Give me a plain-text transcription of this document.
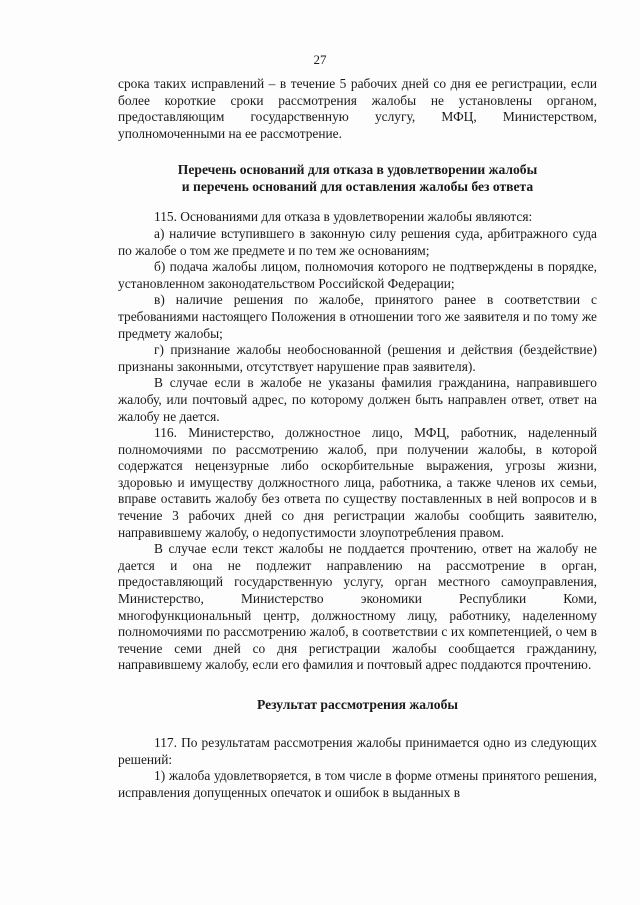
27

срока таких исправлений – в течение 5 рабочих дней со дня ее регистрации, если более короткие сроки рассмотрения жалобы не установлены органом, предоставляющим государственную услугу, МФЦ, Министерством, уполномоченными на ее рассмотрение.

Перечень оснований для отказа в удовлетворении жалобы

и перечень оснований для оставления жалобы без ответа

115. Основаниями для отказа в удовлетворении жалобы являются:

а) наличие вступившего в законную силу решения суда, арбитражного суда по жалобе о том же предмете и по тем же основаниям;

б) подача жалобы лицом, полномочия которого не подтверждены в порядке, установленном законодательством Российской Федерации;

в) наличие решения по жалобе, принятого ранее в соответствии с требованиями настоящего Положения в отношении того же заявителя и по тому же предмету жалобы;

г) признание жалобы необоснованной (решения и действия (бездействие) признаны законными, отсутствует нарушение прав заявителя).

В случае если в жалобе не указаны фамилия гражданина, направившего жалобу, или почтовый адрес, по которому должен быть направлен ответ, ответ на жалобу не дается.

116. Министерство, должностное лицо, МФЦ, работник, наделенный полномочиями по рассмотрению жалоб, при получении жалобы, в которой содержатся нецензурные либо оскорбительные выражения, угрозы жизни, здоровью и имуществу должностного лица, работника, а также членов их семьи, вправе оставить жалобу без ответа по существу поставленных в ней вопросов и в течение 3 рабочих дней со дня регистрации жалобы сообщить заявителю, направившему жалобу, о недопустимости злоупотребления правом.

В случае если текст жалобы не поддается прочтению, ответ на жалобу не дается и она не подлежит направлению на рассмотрение в орган, предоставляющий государственную услугу, орган местного самоуправления, Министерство, Министерство экономики Республики Коми, многофункциональный центр, должностному лицу, работнику, наделенному полномочиями по рассмотрению жалоб, в соответствии с их компетенцией, о чем в течение семи дней со дня регистрации жалобы сообщается гражданину, направившему жалобу, если его фамилия и почтовый адрес поддаются прочтению.

Результат рассмотрения жалобы

117. По результатам рассмотрения жалобы принимается одно из следующих решений:

1) жалоба удовлетворяется, в том числе в форме отмены принятого решения, исправления допущенных опечаток и ошибок в выданных в
